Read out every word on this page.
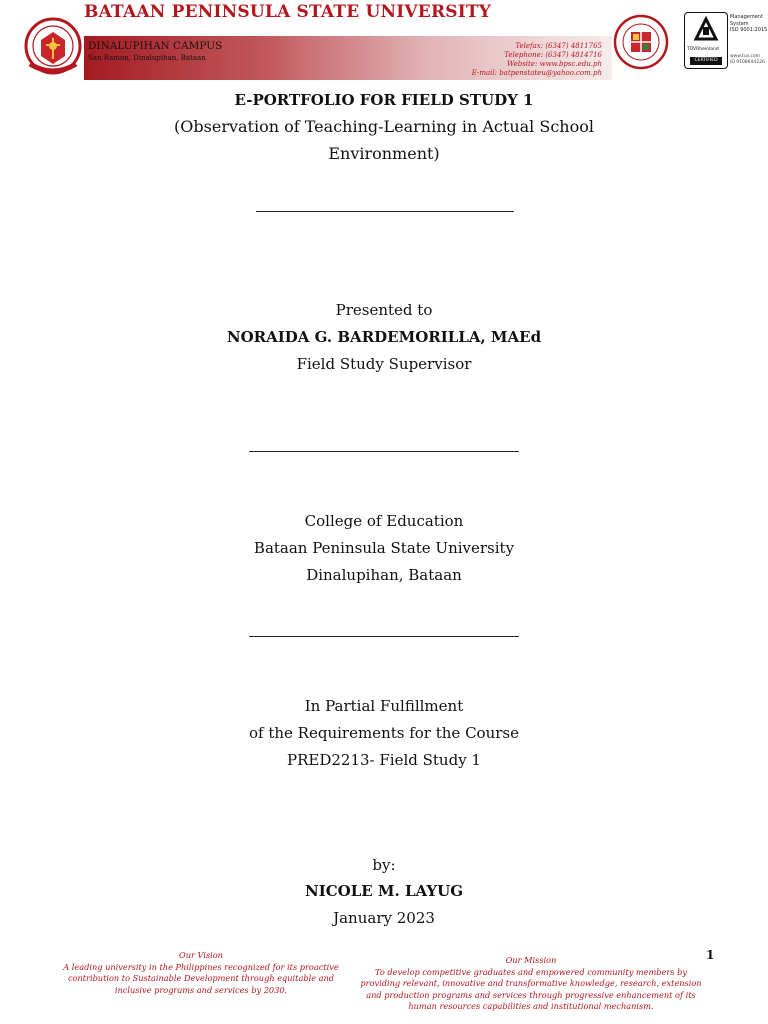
BATAAN PENINSULA STATE UNIVERSITY
DINALUPIHAN CAMPUS
San Ramon, Dinalupihan, Bataan
Telefax: (6347) 4811765
Telephone: (6347) 4814716
Website: www.bpsc.edu.ph
E-mail: batpenstateu@yahoo.com.ph
CERTIFIED
TÜVRheinland
Management
System
ISO 9001:2015
www.tuv.com
ID 9108644226
E-PORTFOLIO FOR FIELD STUDY 1
(Observation of Teaching-Learning in Actual School
Environment)
Presented to
NORAIDA G. BARDEMORILLA, MAEd
Field Study Supervisor
College of Education
Bataan Peninsula State University
Dinalupihan, Bataan
In Partial Fulfillment
of the Requirements for the Course
PRED2213- Field Study 1
by:
NICOLE M. LAYUG
January 2023
Our Vision
A leading university in the Philippines recognized for its proactive
contribution to Sustainable Development through equitable and
inclusive programs and services by 2030.
Our Mission
To develop competitive graduates and empowered community members by
providing relevant, innovative and transformative knowledge, research, extension
and production programs and services through progressive enhancement of its
human resources capabilities and institutional mechanism.
1
